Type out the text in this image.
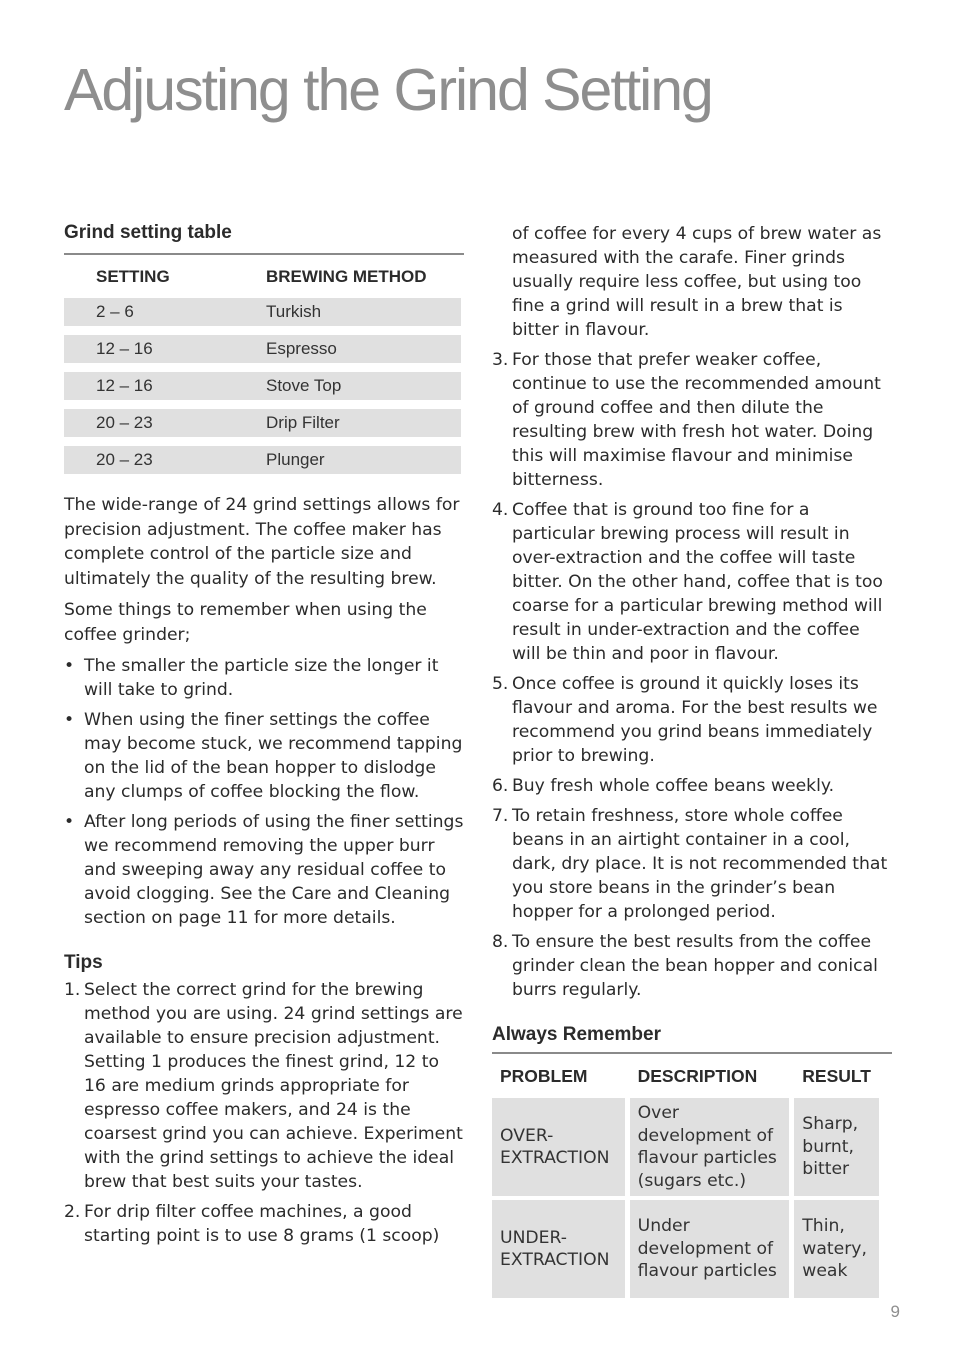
Adjusting the Grind Setting
Grind setting table
SETTING	BREWING METHOD
2 – 6	Turkish
12 – 16	Espresso
12 – 16	Stove Top
20 – 23	Drip Filter
20 – 23	Plunger

The wide-range of 24 grind settings allows for precision adjustment. The coffee maker has complete control of the particle size and ultimately the quality of the resulting brew.

Some things to remember when using the coffee grinder;

• The smaller the particle size the longer it will take to grind.
• When using the finer settings the coffee may become stuck, we recommend tapping on the lid of the bean hopper to dislodge any clumps of coffee blocking the flow.
• After long periods of using the finer settings we recommend removing the upper burr and sweeping away any residual coffee to avoid clogging. See the Care and Cleaning section on page 11 for more details.
Tips
1. Select the correct grind for the brewing method you are using. 24 grind settings are available to ensure precision adjustment. Setting 1 produces the finest grind, 12 to 16 are medium grinds appropriate for espresso coffee makers, and 24 is the coarsest grind you can achieve. Experiment with the grind settings to achieve the ideal brew that best suits your tastes.
2. For drip filter coffee machines, a good starting point is to use 8 grams (1 scoop)

of coffee for every 4 cups of brew water as measured with the carafe. Finer grinds usually require less coffee, but using too fine a grind will result in a brew that is bitter in flavour.

3. For those that prefer weaker coffee, continue to use the recommended amount of ground coffee and then dilute the resulting brew with fresh hot water. Doing this will maximise flavour and minimise bitterness.
4. Coffee that is ground too fine for a particular brewing process will result in over-extraction and the coffee will taste bitter. On the other hand, coffee that is too coarse for a particular brewing method will result in under-extraction and the coffee will be thin and poor in flavour.
5. Once coffee is ground it quickly loses its flavour and aroma. For the best results we recommend you grind beans immediately prior to brewing.
6. Buy fresh whole coffee beans weekly.
7. To retain freshness, store whole coffee beans in an airtight container in a cool, dark, dry place. It is not recommended that you store beans in the grinder’s bean hopper for a prolonged period.
8. To ensure the best results from the coffee grinder clean the bean hopper and conical burrs regularly.
Always Remember
PROBLEM	DESCRIPTION	RESULT
OVER-EXTRACTION	Over development of flavour particles (sugars etc.)	Sharp, burnt, bitter
UNDER-EXTRACTION	Under development of flavour particles	Thin, watery, weak
9
